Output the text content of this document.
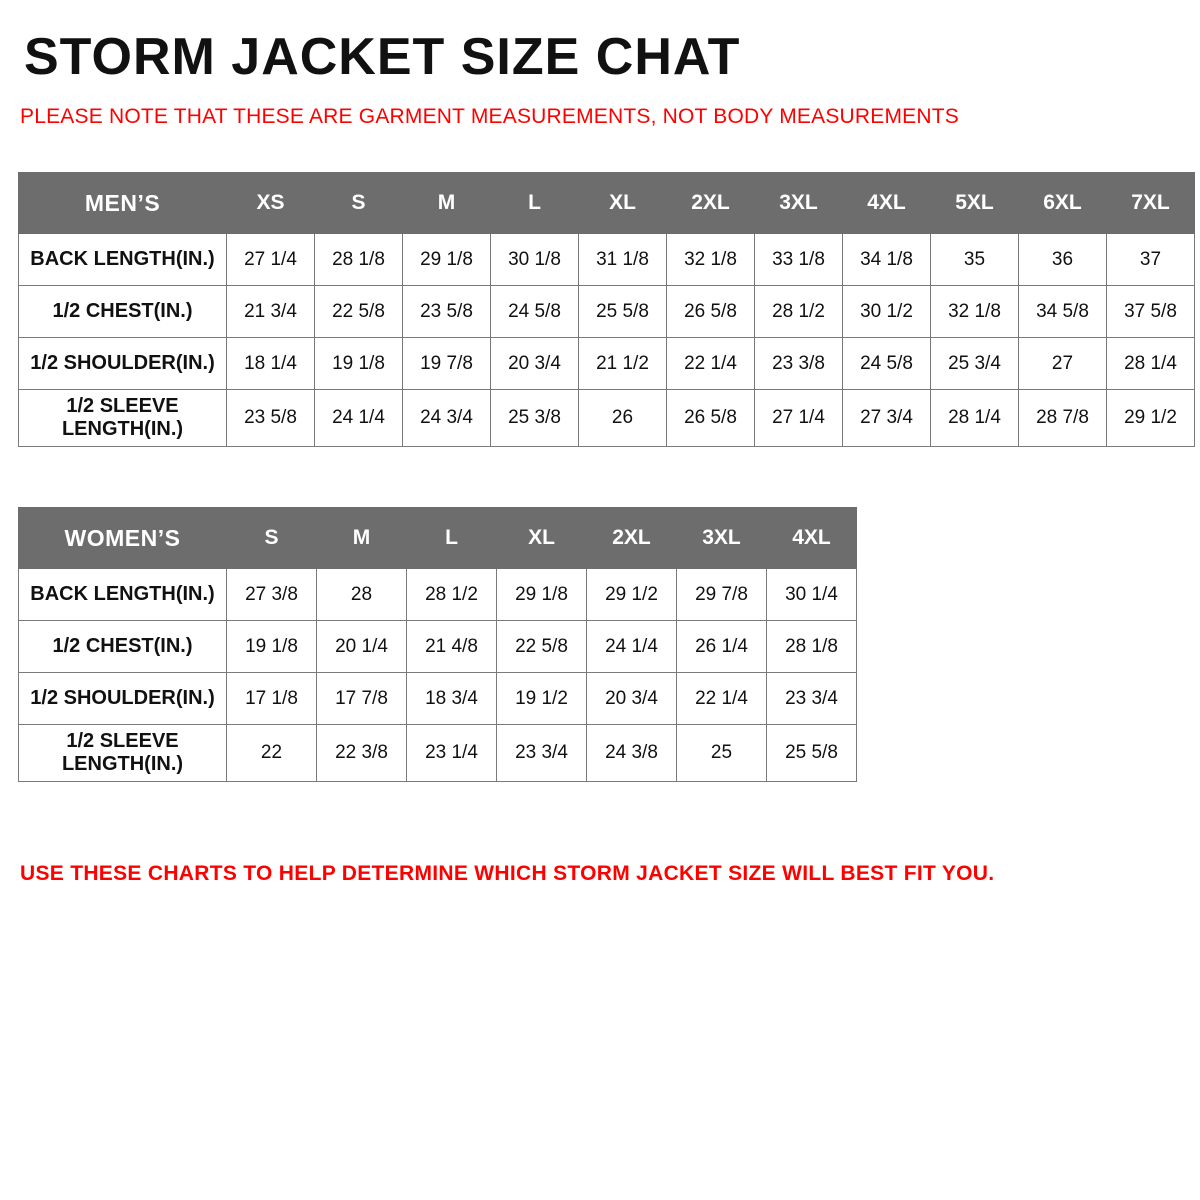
STORM JACKET SIZE CHAT

PLEASE NOTE THAT THESE ARE GARMENT MEASUREMENTS, NOT BODY MEASUREMENTS

MEN’S	XS	S	M	L	XL	2XL	3XL	4XL	5XL	6XL	7XL
BACK LENGTH(IN.)	27 1/4	28 1/8	29 1/8	30 1/8	31 1/8	32 1/8	33 1/8	34 1/8	35	36	37
1/2 CHEST(IN.)	21 3/4	22 5/8	23 5/8	24 5/8	25 5/8	26 5/8	28 1/2	30 1/2	32 1/8	34 5/8	37 5/8
1/2 SHOULDER(IN.)	18 1/4	19 1/8	19 7/8	20 3/4	21 1/2	22 1/4	23 3/8	24 5/8	25 3/4	27	28 1/4
1/2 SLEEVE LENGTH(IN.)	23 5/8	24 1/4	24 3/4	25 3/8	26	26 5/8	27 1/4	27 3/4	28 1/4	28 7/8	29 1/2
WOMEN’S	S	M	L	XL	2XL	3XL	4XL
BACK LENGTH(IN.)	27 3/8	28	28 1/2	29 1/8	29 1/2	29 7/8	30 1/4
1/2 CHEST(IN.)	19 1/8	20 1/4	21 4/8	22 5/8	24 1/4	26 1/4	28 1/8
1/2 SHOULDER(IN.)	17 1/8	17 7/8	18 3/4	19 1/2	20 3/4	22 1/4	23 3/4
1/2 SLEEVE LENGTH(IN.)	22	22 3/8	23 1/4	23 3/4	24 3/8	25	25 5/8

USE THESE CHARTS TO HELP DETERMINE WHICH STORM JACKET SIZE WILL BEST FIT YOU.
